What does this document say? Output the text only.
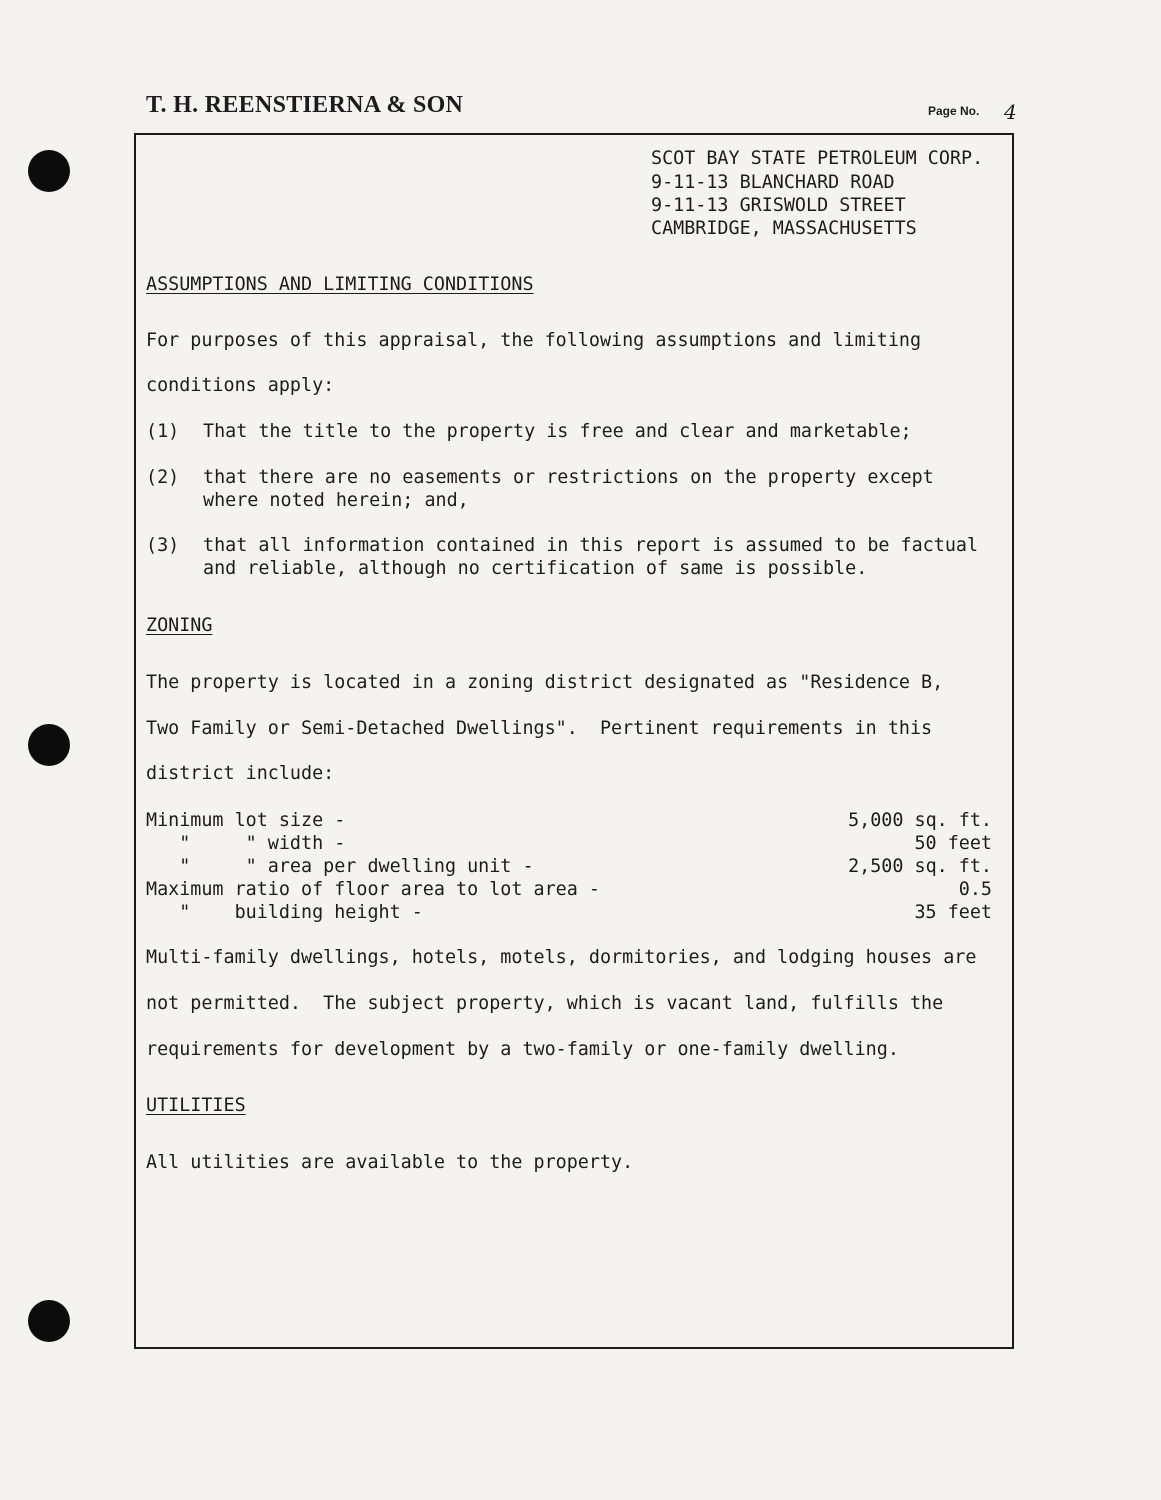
T. H. REENSTIERNA & SON	Page No. 4
SCOT BAY STATE PETROLEUM CORP.
9-11-13 BLANCHARD ROAD
9-11-13 GRISWOLD STREET
CAMBRIDGE, MASSACHUSETTS
ASSUMPTIONS AND LIMITING CONDITIONS
For purposes of this appraisal, the following assumptions and limiting
conditions apply:
(1) That the title to the property is free and clear and marketable;
(2) that there are no easements or restrictions on the property except
where noted herein; and,
(3) that all information contained in this report is assumed to be factual
and reliable, although no certification of same is possible.
ZONING
The property is located in a zoning district designated as "Residence B,
Two Family or Semi-Detached Dwellings".  Pertinent requirements in this
district include:
Minimum lot size -	5,000 sq. ft.
"     " width -	50 feet
"     " area per dwelling unit -	2,500 sq. ft.
Maximum ratio of floor area to lot area -	0.5
"    building height -	35 feet
Multi-family dwellings, hotels, motels, dormitories, and lodging houses are
not permitted.  The subject property, which is vacant land, fulfills the
requirements for development by a two-family or one-family dwelling.
UTILITIES
All utilities are available to the property.
